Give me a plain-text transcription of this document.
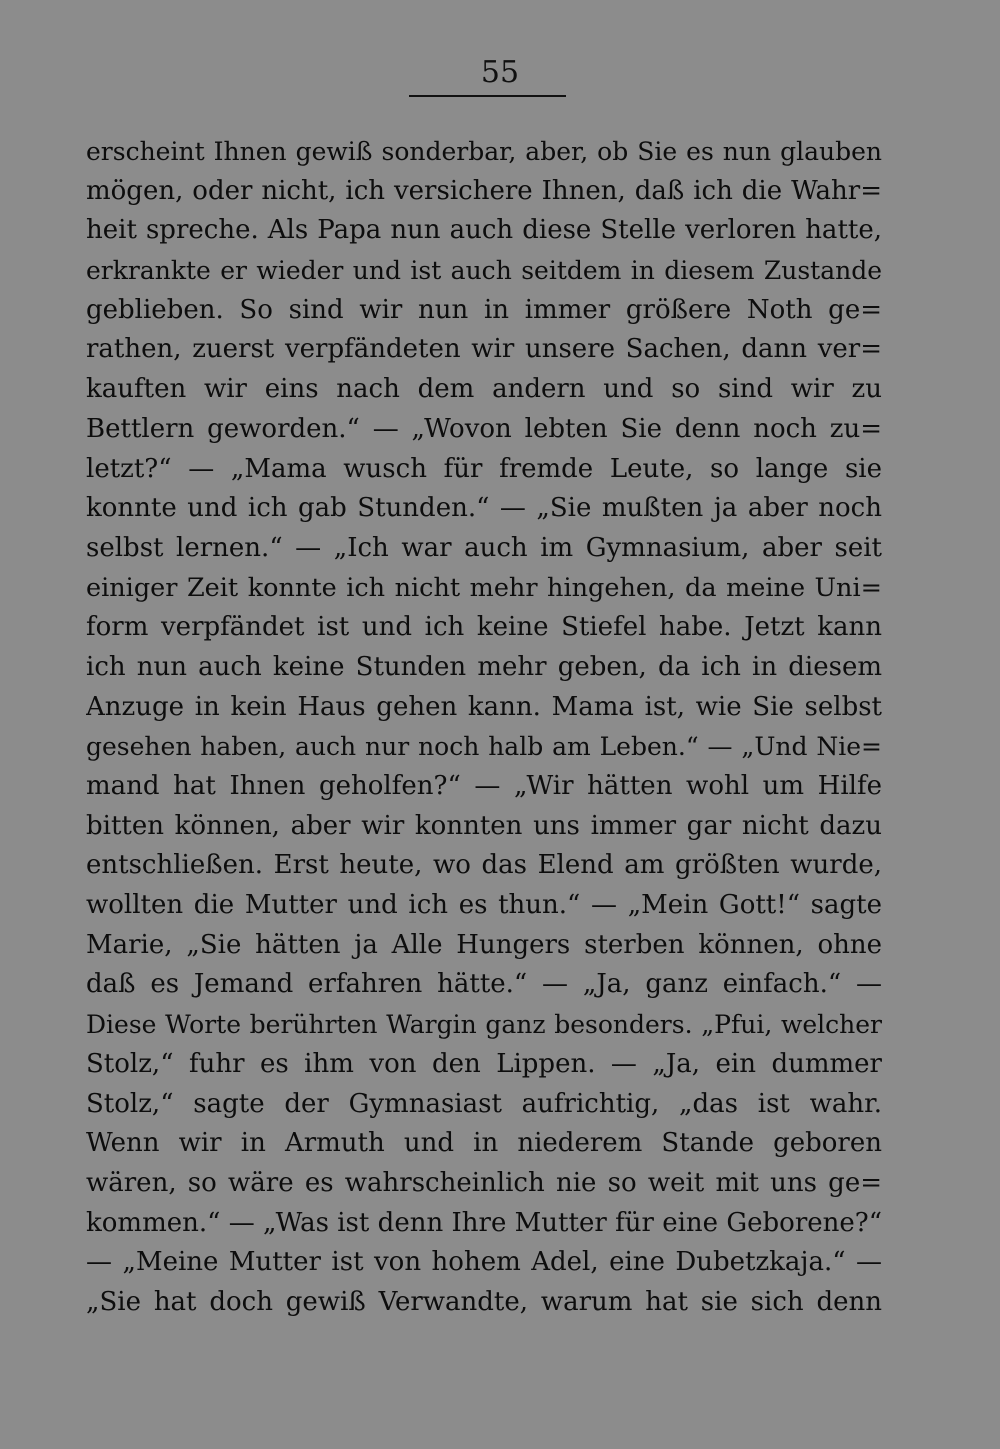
55
erscheint Ihnen gewiß sonderbar, aber, ob Sie es nun glauben
mögen, oder nicht, ich versichere Ihnen, daß ich die Wahr=
heit spreche. Als Papa nun auch diese Stelle verloren hatte,
erkrankte er wieder und ist auch seitdem in diesem Zustande
geblieben. So sind wir nun in immer größere Noth ge=
rathen, zuerst verpfändeten wir unsere Sachen, dann ver=
kauften wir eins nach dem andern und so sind wir zu
Bettlern geworden.“ — „Wovon lebten Sie denn noch zu=
letzt?“ — „Mama wusch für fremde Leute, so lange sie
konnte und ich gab Stunden.“ — „Sie mußten ja aber noch
selbst lernen.“ — „Ich war auch im Gymnasium, aber seit
einiger Zeit konnte ich nicht mehr hingehen, da meine Uni=
form verpfändet ist und ich keine Stiefel habe. Jetzt kann
ich nun auch keine Stunden mehr geben, da ich in diesem
Anzuge in kein Haus gehen kann. Mama ist, wie Sie selbst
gesehen haben, auch nur noch halb am Leben.“ — „Und Nie=
mand hat Ihnen geholfen?“ — „Wir hätten wohl um Hilfe
bitten können, aber wir konnten uns immer gar nicht dazu
entschließen. Erst heute, wo das Elend am größten wurde,
wollten die Mutter und ich es thun.“ — „Mein Gott!“ sagte
Marie, „Sie hätten ja Alle Hungers sterben können, ohne
daß es Jemand erfahren hätte.“ — „Ja, ganz einfach.“ —
Diese Worte berührten Wargin ganz besonders. „Pfui, welcher
Stolz,“ fuhr es ihm von den Lippen. — „Ja, ein dummer
Stolz,“ sagte der Gymnasiast aufrichtig, „das ist wahr.
Wenn wir in Armuth und in niederem Stande geboren
wären, so wäre es wahrscheinlich nie so weit mit uns ge=
kommen.“ — „Was ist denn Ihre Mutter für eine Geborene?“
— „Meine Mutter ist von hohem Adel, eine Dubetzkaja.“ —
„Sie hat doch gewiß Verwandte, warum hat sie sich denn
